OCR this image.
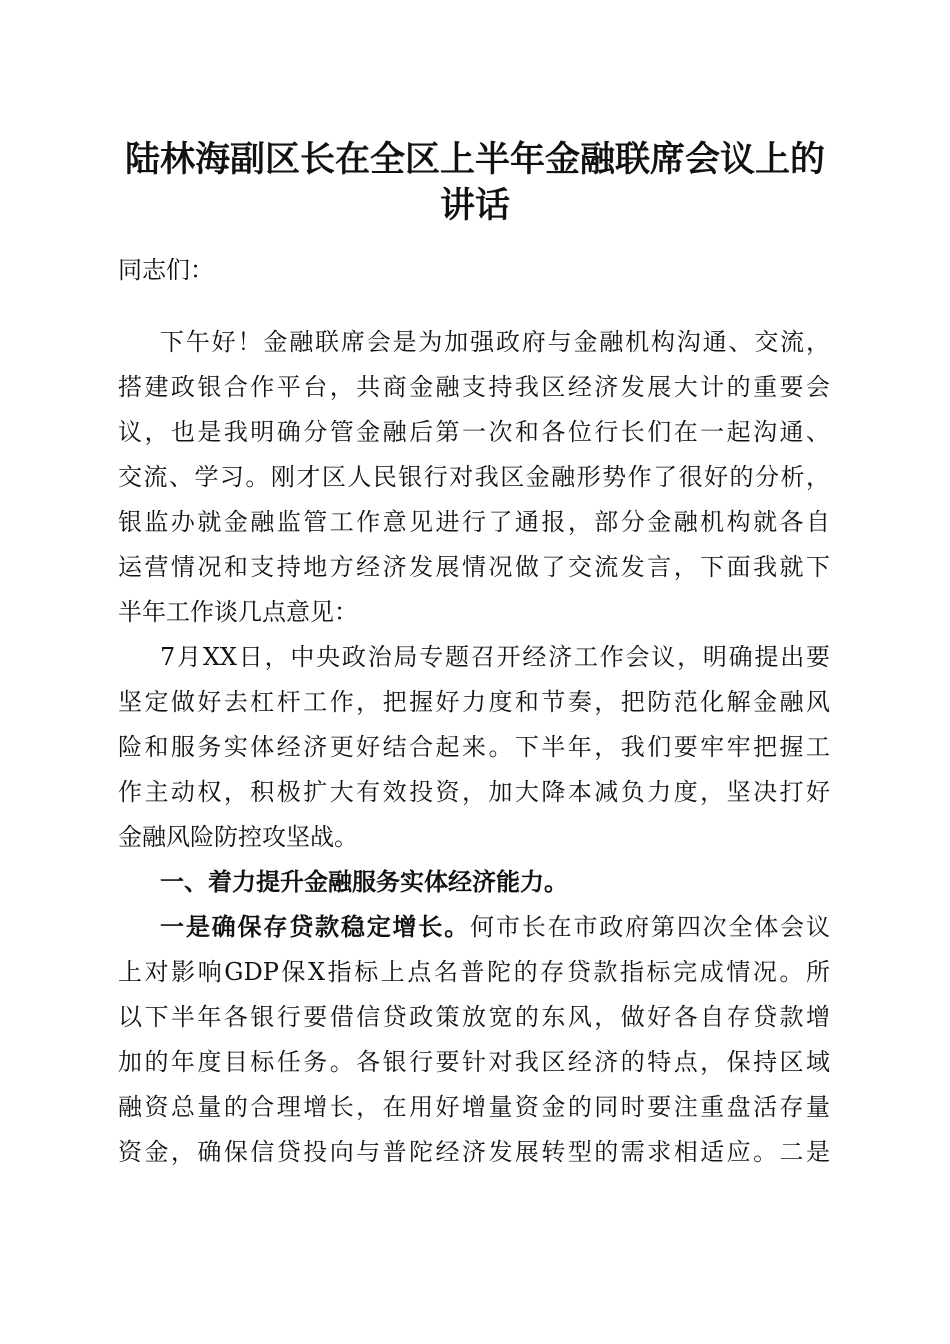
陆林海副区长在全区上半年金融联席会议上的
讲话
同志们：
下午好！金融联席会是为加强政府与金融机构沟通、交流，
搭建政银合作平台，共商金融支持我区经济发展大计的重要会
议，也是我明确分管金融后第一次和各位行长们在一起沟通、
交流、学习。刚才区人民银行对我区金融形势作了很好的分析，
银监办就金融监管工作意见进行了通报，部分金融机构就各自
运营情况和支持地方经济发展情况做了交流发言，下面我就下
半年工作谈几点意见：
7月XX日，中央政治局专题召开经济工作会议，明确提出要
坚定做好去杠杆工作，把握好力度和节奏，把防范化解金融风
险和服务实体经济更好结合起来。下半年，我们要牢牢把握工
作主动权，积极扩大有效投资，加大降本减负力度，坚决打好
金融风险防控攻坚战。
一、着力提升金融服务实体经济能力。
一是确保存贷款稳定增长。何市长在市政府第四次全体会议
上对影响GDP保X指标上点名普陀的存贷款指标完成情况。所
以下半年各银行要借信贷政策放宽的东风，做好各自存贷款增
加的年度目标任务。各银行要针对我区经济的特点，保持区域
融资总量的合理增长，在用好增量资金的同时要注重盘活存量
资金，确保信贷投向与普陀经济发展转型的需求相适应。二是
